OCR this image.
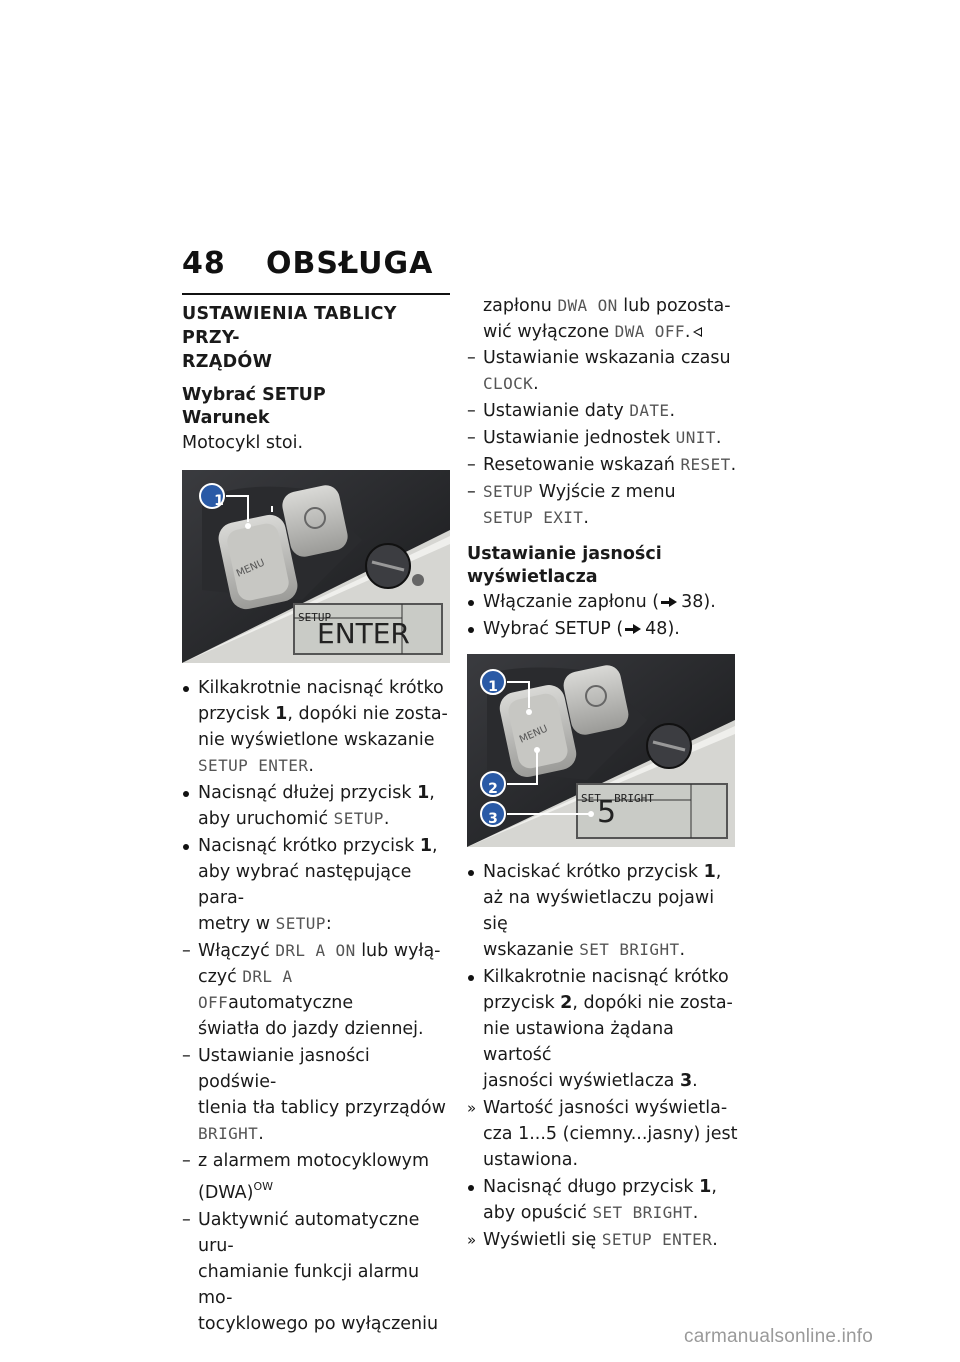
48 OBSŁUGA
USTAWIENIA TABLICY PRZY-
RZĄDÓW
Wybrać SETUP
Warunek
Motocykl stoi.
1
MENU
SETUP
ENTER
Kilkakrotnie nacisnąć krótko
przycisk 1, dopóki nie zosta-
nie wyświetlone wskazanie
SETUP ENTER.
Nacisnąć dłużej przycisk 1,
aby uruchomić SETUP.
Nacisnąć krótko przycisk 1,
aby wybrać następujące para-
metry w SETUP:
Włączyć DRL A ON lub wyłą-
czyć DRL A OFFautomatyczne
światła do jazdy dziennej.
Ustawianie jasności podświe-
tlenia tła tablicy przyrządów
BRIGHT.
z alarmem motocyklowym
(DWA)$^{OW}$
Uaktywnić automatyczne uru-
chamianie funkcji alarmu mo-
tocyklowego po wyłączeniu
zapłonu DWA ON lub pozosta-
wić wyłączone DWA OFF.
Ustawianie wskazania czasu
CLOCK.
Ustawianie daty DATE.
Ustawianie jednostek UNIT.
Resetowanie wskazań RESET.
SETUP Wyjście z menu
SETUP EXIT.
Ustawianie jasności
wyświetlacza
Włączanie zapłonu ( 38).
Wybrać SETUP ( 48).
1
2
3
MENU
SET  BRIGHT
5
Naciskać krótko przycisk 1,
aż na wyświetlaczu pojawi się
wskazanie SET BRIGHT.
Kilkakrotnie nacisnąć krótko
przycisk 2, dopóki nie zosta-
nie ustawiona żądana wartość
jasności wyświetlacza 3.
Wartość jasności wyświetla-
cza 1...5 (ciemny...jasny) jest
ustawiona.
Nacisnąć długo przycisk 1,
aby opuścić SET BRIGHT.
Wyświetli się SETUP ENTER.
carmanualsonline.info
